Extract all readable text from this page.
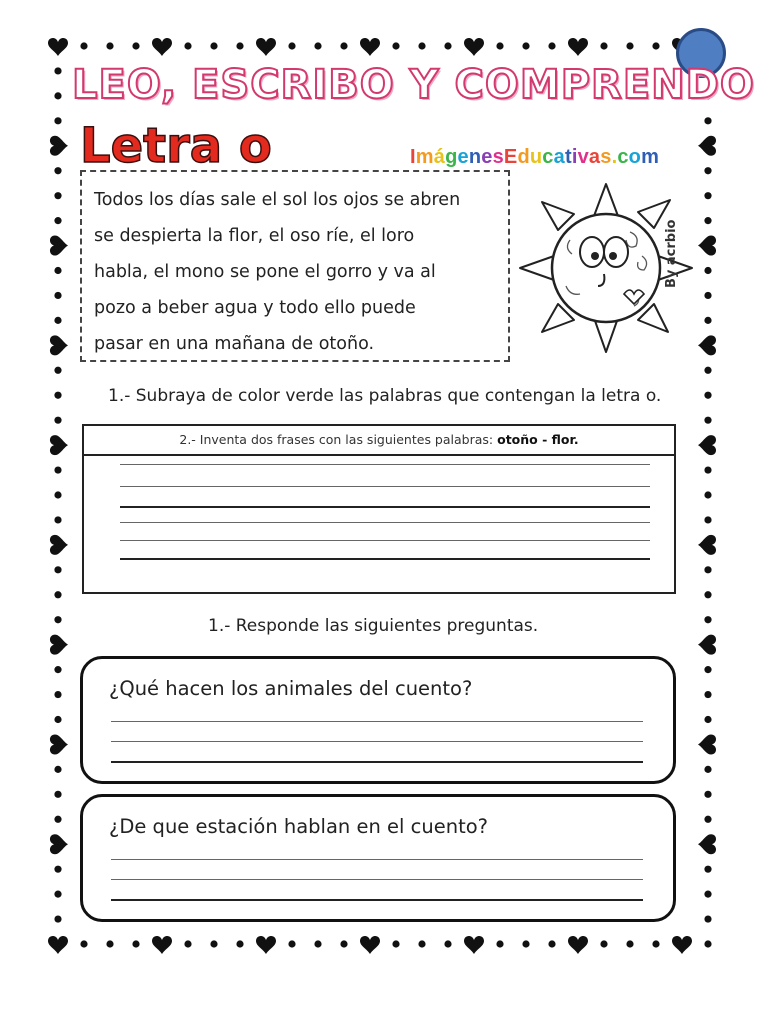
LEO, ESCRIBO Y COMPRENDO
Letra o	ImágenesEducativas.com
Todos los días sale el sol los ojos se abren
se despierta la flor, el oso ríe, el loro
habla, el mono se pone el gorro y va al
pozo a beber agua y todo ello puede
pasar en una mañana de otoño.
By acrbio
1.- Subraya de color verde las palabras que contengan la letra o.
2.- Inventa dos frases con las siguientes palabras: otoño - flor.
1.- Responde las siguientes preguntas.
¿Qué hacen los animales del cuento?
¿De que estación hablan en el cuento?
